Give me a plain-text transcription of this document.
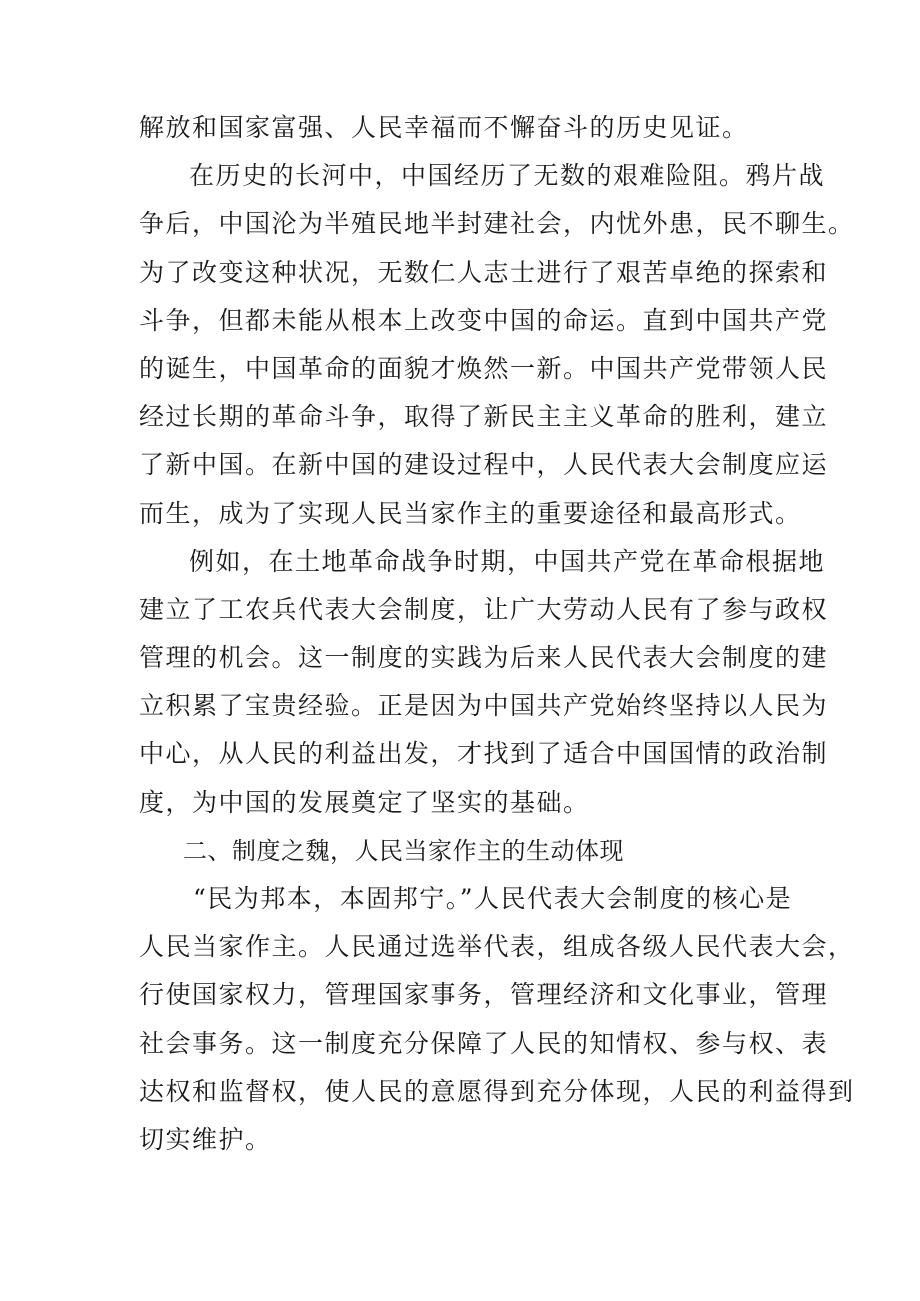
解放和国家富强、人民幸福而不懈奋斗的历史见证。
在历史的长河中，中国经历了无数的艰难险阻。鸦片战
争后，中国沦为半殖民地半封建社会，内忧外患，民不聊生。
为了改变这种状况，无数仁人志士进行了艰苦卓绝的探索和
斗争，但都未能从根本上改变中国的命运。直到中国共产党
的诞生，中国革命的面貌才焕然一新。中国共产党带领人民
经过长期的革命斗争，取得了新民主主义革命的胜利，建立
了新中国。在新中国的建设过程中，人民代表大会制度应运
而生，成为了实现人民当家作主的重要途径和最高形式。
例如，在土地革命战争时期，中国共产党在革命根据地
建立了工农兵代表大会制度，让广大劳动人民有了参与政权
管理的机会。这一制度的实践为后来人民代表大会制度的建
立积累了宝贵经验。正是因为中国共产党始终坚持以人民为
中心，从人民的利益出发，才找到了适合中国国情的政治制
度，为中国的发展奠定了坚实的基础。
二、制度之魏，人民当家作主的生动体现
“民为邦本，本固邦宁。”人民代表大会制度的核心是
人民当家作主。人民通过选举代表，组成各级人民代表大会，
行使国家权力，管理国家事务，管理经济和文化事业，管理
社会事务。这一制度充分保障了人民的知情权、参与权、表
达权和监督权，使人民的意愿得到充分体现，人民的利益得到
切实维护。
